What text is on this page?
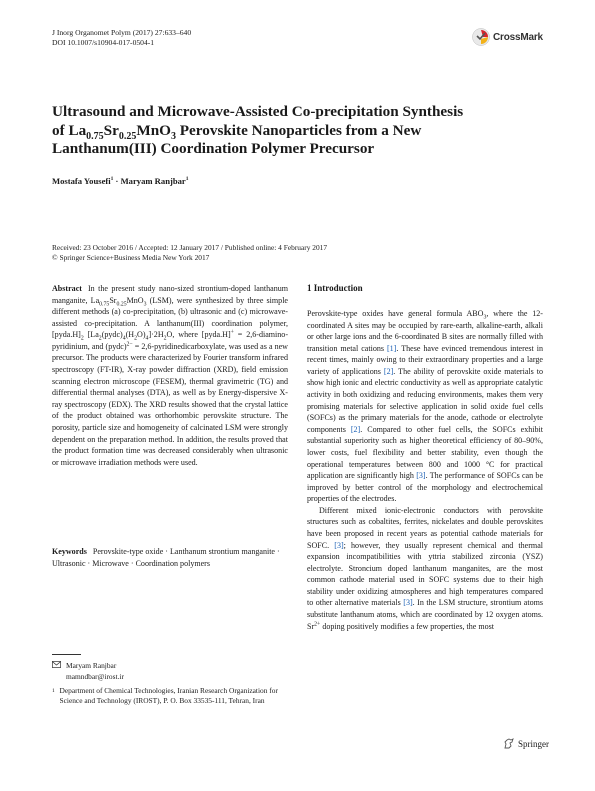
J Inorg Organomet Polym (2017) 27:633–640
DOI 10.1007/s10904-017-0504-1	CrossMark
Ultrasound and Microwave-Assisted Co-precipitation Synthesis
of $La_{0.75}Sr_{0.25}MnO_3$ Perovskite Nanoparticles from a New
Lanthanum(III) Coordination Polymer Precursor
Mostafa Yousefi$^1$ · Maryam Ranjbar$^1$
Received: 23 October 2016 / Accepted: 12 January 2017 / Published online: 4 February 2017
© Springer Science+Business Media New York 2017

Abstract In the present study nano-sized strontium-doped lanthanum manganite, $La_{0.75}Sr_{0.25}MnO_3$ (LSM), were synthesized by three simple different methods (a) co-precipitation, (b) ultrasonic and (c) microwave-assisted co-precipitation. A lanthanum(III) coordination polymer, $[pyda.H]_2$ $[La_2(pydc)_4(H_2O)_4]\cdot 2H_2O$, where [pyda.H]+ = 2,6-diamino-pyridinium, and (pydc)$^{2-}$ = 2,6-pyridinedicarboxylate, was used as a new precursor. The products were characterized by Fourier transform infrared spectroscopy (FT-IR), X-ray powder diffraction (XRD), field emission scanning electron microscope (FESEM), thermal gravimetric (TG) and differential thermal analyses (DTA), as well as by Energy-dispersive X-ray spectroscopy (EDX). The XRD results showed that the crystal lattice of the product obtained was orthorhombic perovskite structure. The porosity, particle size and homogeneity of calcinated LSM were strongly dependent on the preparation method. In addition, the results proved that the product formation time was decreased considerably when ultrasonic or microwave irradiation methods were used.

Keywords Perovskite-type oxide · Lanthanum strontium manganite · Ultrasonic · Microwave · Coordination polymers
Maryam Ranjbar
mamndbar@irost.ir
1 Department of Chemical Technologies, Iranian Research Organization for Science and Technology (IROST), P. O. Box 33535-111, Tehran, Iran
1 Introduction

Perovskite-type oxides have general formula $ABO_3$, where the 12-coordinated A sites may be occupied by rare-earth, alkaline-earth, alkali or other large ions and the 6-coordinated B sites are normally filled with transition metal cations [1]. These have evinced tremendous interest in recent times, mainly owing to their extraordinary properties and a large variety of applications [2]. The ability of perovskite oxide materials to show high ionic and electric conductivity as well as appropriate catalytic activity in both oxidizing and reducing environments, makes them very promising materials for selective application in solid oxide fuel cells (SOFCs) as the primary materials for the anode, cathode or electrolyte components [2]. Compared to other fuel cells, the SOFCs exhibit substantial superiority such as higher theoretical efficiency of 80–90%, lower costs, fuel flexibility and better stability, even though the operational temperatures between 800 and 1000 °C for practical application are significantly high [3]. The performance of SOFCs can be improved by better control of the morphology and electrochemical properties of the electrodes.

Different mixed ionic-electronic conductors with perovskite structures such as cobaltites, ferrites, nickelates and double perovskites have been proposed in recent years as potential cathode materials for SOFC. [3]; however, they usually represent chemical and thermal expansion incompatibilities with yttria stabilized zirconia (YSZ) electrolyte. Stroncium doped lanthanum manganites, are the most common cathode material used in SOFC systems due to their high stability under oxidizing atmospheres and high temperatures compared to other alternative materials [3]. In the LSM structure, strontium atoms substitute lanthanum atoms, which are coordinated by 12 oxygen atoms. $Sr^{2+}$ doping positively modifies a few properties, the most

Springer
